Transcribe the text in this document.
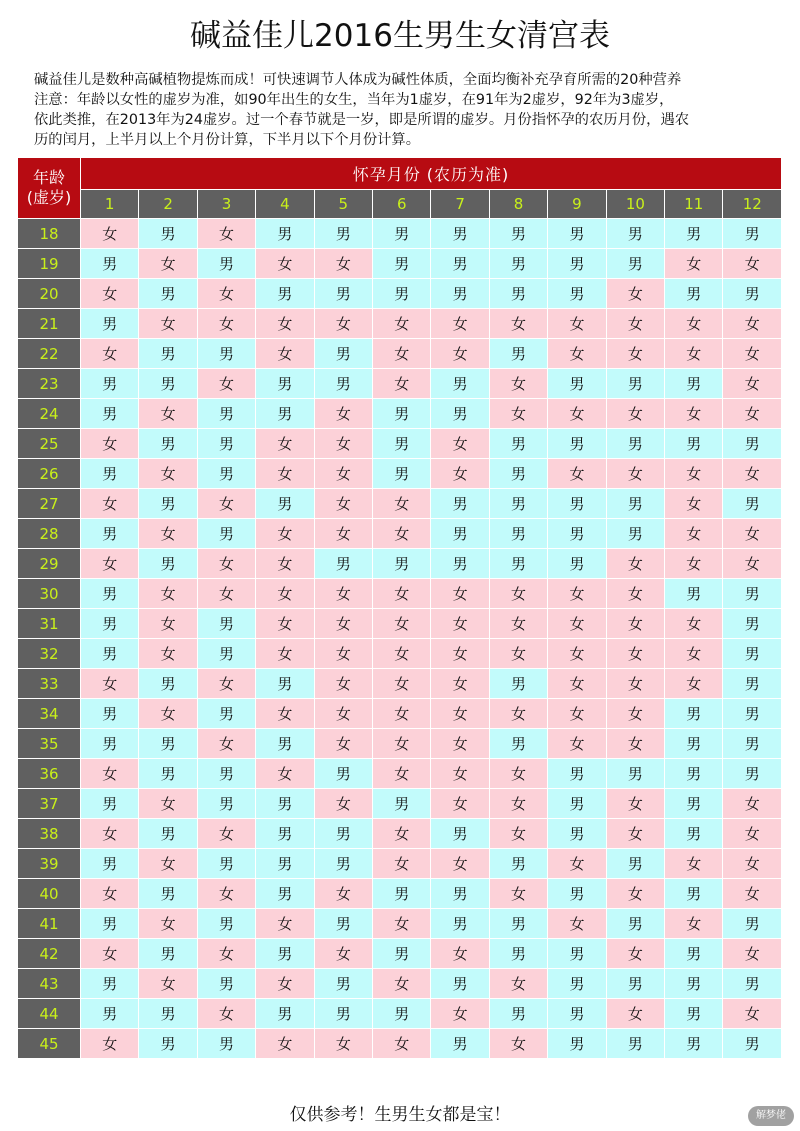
碱益佳儿2016生男生女清宫表
碱益佳儿是数种高碱植物提炼而成！可快速调节人体成为碱性体质，全面均衡补充孕育所需的20种营养
注意：年龄以女性的虚岁为准，如90年出生的女生，当年为1虚岁，在91年为2虚岁，92年为3虚岁，
依此类推，在2013年为24虚岁。过一个春节就是一岁，即是所谓的虚岁。月份指怀孕的农历月份，遇农
历的闰月，上半月以上个月份计算，下半月以下个月份计算。
年龄
(虚岁)	怀孕月份 (农历为准)											
	1	2	3	4	5	6	7	8	9	10	11	12
18	女	男	女	男	男	男	男	男	男	男	男	男
19	男	女	男	女	女	男	男	男	男	男	女	女
20	女	男	女	男	男	男	男	男	男	女	男	男
21	男	女	女	女	女	女	女	女	女	女	女	女
22	女	男	男	女	男	女	女	男	女	女	女	女
23	男	男	女	男	男	女	男	女	男	男	男	女
24	男	女	男	男	女	男	男	女	女	女	女	女
25	女	男	男	女	女	男	女	男	男	男	男	男
26	男	女	男	女	女	男	女	男	女	女	女	女
27	女	男	女	男	女	女	男	男	男	男	女	男
28	男	女	男	女	女	女	男	男	男	男	女	女
29	女	男	女	女	男	男	男	男	男	女	女	女
30	男	女	女	女	女	女	女	女	女	女	男	男
31	男	女	男	女	女	女	女	女	女	女	女	男
32	男	女	男	女	女	女	女	女	女	女	女	男
33	女	男	女	男	女	女	女	男	女	女	女	男
34	男	女	男	女	女	女	女	女	女	女	男	男
35	男	男	女	男	女	女	女	男	女	女	男	男
36	女	男	男	女	男	女	女	女	男	男	男	男
37	男	女	男	男	女	男	女	女	男	女	男	女
38	女	男	女	男	男	女	男	女	男	女	男	女
39	男	女	男	男	男	女	女	男	女	男	女	女
40	女	男	女	男	女	男	男	女	男	女	男	女
41	男	女	男	女	男	女	男	男	女	男	女	男
42	女	男	女	男	女	男	女	男	男	女	男	女
43	男	女	男	女	男	女	男	女	男	男	男	男
44	男	男	女	男	男	男	女	男	男	女	男	女
45	女	男	男	女	女	女	男	女	男	男	男	男
仅供参考！生男生女都是宝！	解梦佬
